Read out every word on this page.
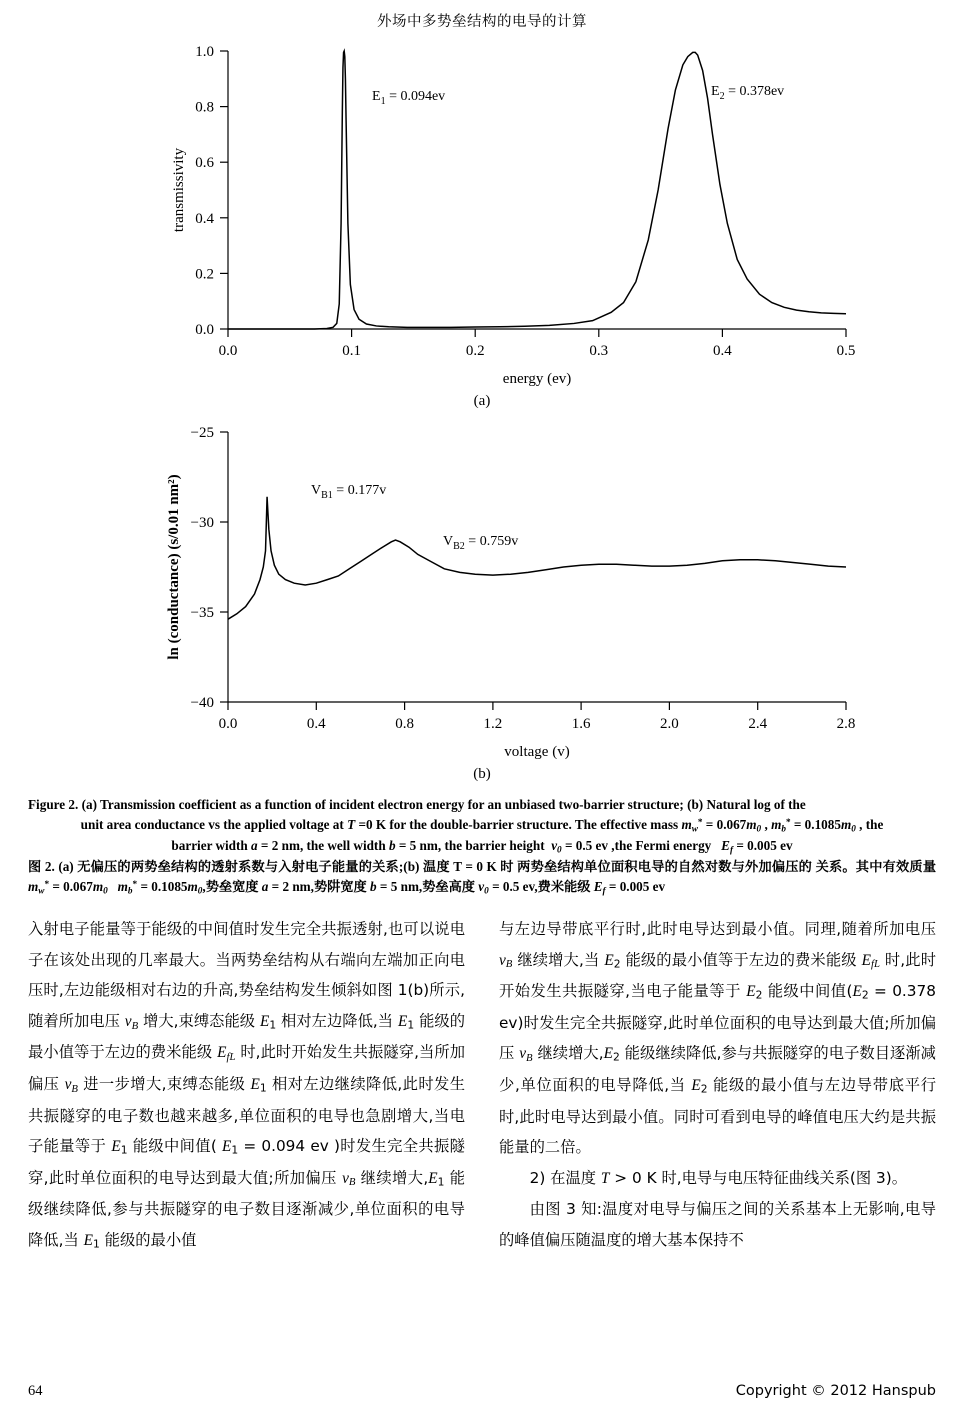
外场中多势垒结构的电导的计算
0.0
0.2
0.4
0.6
0.8
1.0
0.0	0.1	0.2	0.3	0.4	0.5
transmissivity
energy (ev)
$E_1 = 0.094ev$	$E_2 = 0.378ev$
(a)
−40
−35
−30
−25
0.0	0.4	0.8	1.2	1.6	2.0	2.4	2.8
ln (conductance) (s/0.01 nm²)
voltage (v)
$V_{B1} = 0.177v$
$V_{B2} = 0.759v$
(b)
Figure 2. (a) Transmission coefficient as a function of incident electron energy for an unbiased two-barrier structure; (b) Natural log of the
unit area conductance vs the applied voltage at T =0 K for the double-barrier structure. The effective mass $m_w^* = 0.067m_0$ , $m_b^* = 0.1085m_0$ , the
barrier width a = 2 nm, the well width b = 5 nm, the barrier height  $v_0 = 0.5$ ev ,the Fermi energy   $E_f = 0.005$ ev
图 2. (a) 无偏压的两势垒结构的透射系数与入射电子能量的关系;(b) 温度 T = 0 K 时 两势垒结构单位面积电导的自然对数与外加偏压的 关系。其中有效质量 $m_w^* = 0.067m_0$ $m_b^* = 0.1085m_0$,势垒宽度 a = 2 nm,势阱宽度 b = 5 nm,势垒高度 $v_0 = 0.5$ ev,费米能级 $E_f = 0.005$ ev

入射电子能量等于能级的中间值时发生完全共振透射,也可以说电子在该处出现的几率最大。当两势垒结构从右端向左端加正向电压时,左边能级相对右边的升高,势垒结构发生倾斜如图 1(b)所示,随着所加电压 $v_B$ 增大,束缚态能级 $E_1$ 相对左边降低,当 $E_1$ 能级的最小值等于左边的费米能级 $E_{fL}$ 时,此时开始发生共振隧穿,当所加偏压 $v_B$ 进一步增大,束缚态能级 $E_1$ 相对左边继续降低,此时发生共振隧穿的电子数也越来越多,单位面积的电导也急剧增大,当电子能量等于 $E_1$ 能级中间值( $E_1 = 0.094$ ev )时发生完全共振隧穿,此时单位面积的电导达到最大值;所加偏压 $v_B$ 继续增大$,E_1$ 能级继续降低,参与共振隧穿的电子数目逐渐减少,单位面积的电导降低,当 $E_1$ 能级的最小值

与左边导带底平行时,此时电导达到最小值。同理,随着所加电压 $v_B$ 继续增大,当 $E_2$ 能级的最小值等于左边的费米能级 $E_{fL}$ 时,此时开始发生共振隧穿,当电子能量等于 $E_2$ 能级中间值($E_2 = 0.378$ ev)时发生完全共振隧穿,此时单位面积的电导达到最大值;所加偏压 $v_B$ 继续增大$,E_2$ 能级继续降低,参与共振隧穿的电子数目逐渐减少,单位面积的电导降低,当 $E_2$ 能级的最小值与左边导带底平行时,此时电导达到最小值。同时可看到电导的峰值电压大约是共振能量的二倍。

2) 在温度 T > 0 K 时,电导与电压特征曲线关系(图 3)。

由图 3 知:温度对电导与偏压之间的关系基本上无影响,电导的峰值偏压随温度的增大基本保持不

64	Copyright © 2012 Hanspub
